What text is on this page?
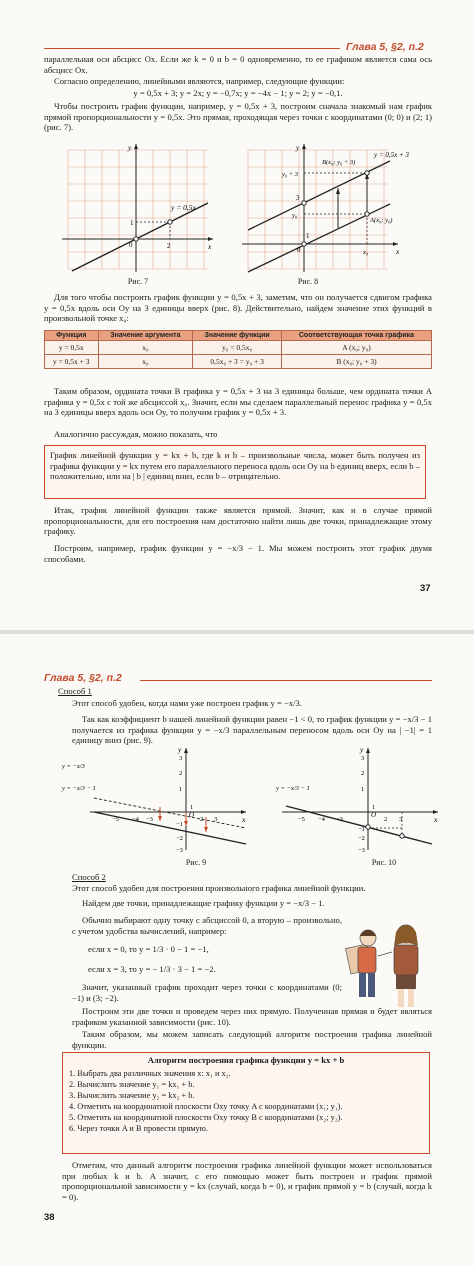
Глава 5, §2, п.2
параллельная оси абсцисс Ox. Если же k = 0 и b = 0 одновременно, то ее графиком является сама ось абсцисс Ox.
Согласно определению, линейными являются, например, следующие функции:
y = 0,5x + 3; y = 2x; y = −0,7x; y = −4x − 1; y = 2; y = −0,1.
Чтобы построить график функции, например, y = 0,5x + 3, построим сначала знакомый нам график прямой пропорциональности y = 0,5x. Это прямая, проходящая через точки с координатами (0; 0) и (2; 1) (рис. 7).
y = 0,5x
x
y
0
1
2
Рис. 7
y = 0,5x + 3
B(x₀; y₀ + 3)
A(x₀; y₀)
y₀ + 3
y₀
x₀	x
y
0
1
3
Рис. 8
Для того чтобы построить график функции y = 0,5x + 3, заметим, что он получается сдвигом графика y = 0,5x вдоль оси Oy на 3 единицы вверх (рис. 8). Действительно, найдем значение этих функций в произвольной точке x₀:
Функция	Значение аргумента	Значение функции	Соответствующая точка графика
y = 0,5x	x₀	y₀ = 0,5x₀	A (x₀; y₀)
y = 0,5x + 3	x₀	0,5x₀ + 3 = y₀ + 3	B (x₀; y₀ + 3)
Таким образом, ордината точки B графика y = 0,5x + 3 на 3 единицы больше, чем ордината точки A графика y = 0,5x с той же абсциссой x₀. Значит, если мы сделаем параллельный перенос графика y = 0,5x на 3 единицы вверх вдоль оси Oy, то получим график y = 0,5x + 3.
Аналогично рассуждая, можно показать, что
График линейной функции y = kx + b, где k и b – произвольные числа, может быть получен из графика функции y = kx путем его параллельного переноса вдоль оси Oy на b единиц вверх, если b – положительно, или на | b | единиц вниз, если b – отрицательно.
Итак, график линейной функции также является прямой. Значит, как и в случае прямой пропорциональности, для его построения нам достаточно найти лишь две точки, принадлежащие этому графику.
Построим, например, график функции y = −x/3 − 1. Мы можем построить этот график двумя способами.
37
Глава 5, §2, п.2
Способ 1
Этот способ удобен, когда нами уже построен график y = −x/3.
Так как коэффициент b нашей линейной функции равен −1 < 0, то график функции y = −x/3 − 1 получается из графика функции y = −x/3 параллельным переносом вдоль оси Oy на | −1| = 1 единицу вниз (рис. 9).
−5 −4 −3
1
2 3
3
2
1
−1
−2
−3
O	x
y
y = −x/3
y = −x/3 − 1
Рис. 9
−5 −4 −3
1
2 3
3
2
1
−1
−2
−3
O	x
y
y = −x/3 − 1
Рис. 10
Способ 2
Этот способ удобен для построения произвольного графика линейной функции.
Найдем две точки, принадлежащие графику функции y = −x/3 − 1.
Обычно выбирают одну точку с абсциссой 0, а вторую – произвольно, с учетом удобства вычислений, например:
если x = 0, то y = 1/3 · 0 − 1 = −1,
если x = 3, то y = − 1/3 · 3 − 1 = −2.
Значит, указанный график проходит через точки с координатами (0; −1) и (3; −2).
Построим эти две точки и проведем через них прямую. Полученная прямая и будет являться графиком указанной зависимости (рис. 10).
Таким образом, мы можем записать следующий алгоритм построения графика линейной функции.
Алгоритм построения графика функции y = kx + b
1. Выбрать два различных значения x: x₁ и x₂.
2. Вычислить значение y₁ = kx₁ + b.
3. Вычислить значение y₂ = kx₂ + b.
4. Отметить на координатной плоскости Oxy точку A с координатами (x₁; y₁).
5. Отметить на координатной плоскости Oxy точку B с координатами (x₂; y₂).
6. Через точки A и B провести прямую.
Отметим, что данный алгоритм построения графика линейной функции может использоваться при любых k и b. А значит, с его помощью может быть построен и график прямой пропорциональной зависимости y = kx (случай, когда b = 0), и график прямой y = b (случай, когда k = 0).
38
